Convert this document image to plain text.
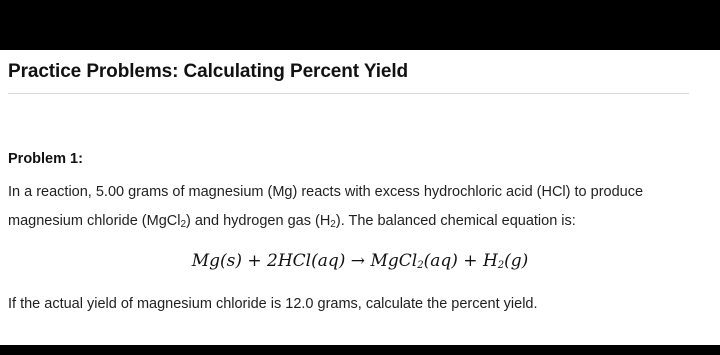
Practice Problems: Calculating Percent Yield
Problem 1:
In a reaction, 5.00 grams of magnesium (Mg) reacts with excess hydrochloric acid (HCl) to produce
magnesium chloride (MgCl$_2$) and hydrogen gas $(H_2)$. The balanced chemical equation is:
Mg(s) + 2HCl(aq) → MgCl$_2$(aq) + $H_2(g)$
If the actual yield of magnesium chloride is 12.0 grams, calculate the percent yield.
